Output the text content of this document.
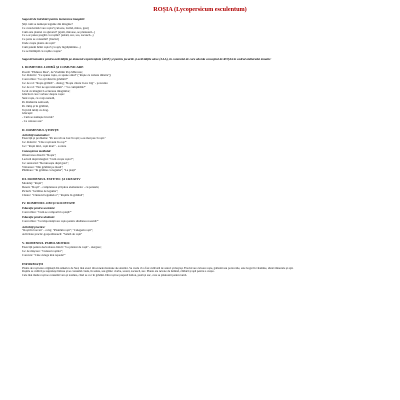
ROȘIA (Lycopersicum esculentum)
Sugestii de întrebări pentru lecturarea imaginii:
Știți cum se numește legume din imagine?
Ce caracteristici are roșia? (culoare, formă, miros, gust)
Cum este plantei cu ajutorul? (ajută, miroase, se plantează...)
Ce s-ar putea pregăti cu roșiile? (salată, suc, sos, zacuscă...)
Ce parte se consumă? (fructul)
Unde crește planta de roșii?
Cum putem hrăni roșia? (cu apă, îngrășăminte...)
Ce se întâmplă cu roșiile coapte?
Sugestii tematice pentru activitățile pe domenii experiențiale (ADE) și pentru jocurile și activitățile alese (ALA), în contextul de care aborda conceptul de ROȘIA în cadrul atelierului tematic:
I. DOMENIUL LIMBĂ ȘI COMUNICARE
Poezii: "Pădurea Mea", de Vladimir Pop Mărcean;
Joc didactic: "Ce spune roșia, ce spune omul" ("Roșie cu tomate dăruite");
Convorbire: "Ce ați văzut în grădină?"
Joc de rol: "Roșia grăbită" - dialog; "Roșia căreia îi era frig" - povestire
Joc de rol: "Noi ne aprovizionăm" / "Ce cumpărăm?"
Jocul cu imagini: Lecturarea imaginilor;
Ghicitori care vorbesc despre roșie:
Sunt roșie, cu coaja netedă,
Pe dinăuntru zemoasă,
Pe câmp și în grădină,
Toți mă iubiți cu drag.
Ghicești:
- Cum se numește fructul?
- Ce culoare are?
II. DOMENIUL ȘTIINȚE
Activități matematice:
Exerciții și probleme: "Pe un raft au fost 9 roșii; s-au mai pus 3 roșii."
Joc didactic: "Câte roșii sunt în coș?"
Joc: "Roșii mici, roșii mari" - sortare
Cunoașterea mediului:
Observarea directă: "Roșia";
Lectură după imagini: "Cum crește roșia?";
Joc senzorial: "Recunoaște după gust";
Vizionare: "Din grădină pe masă";
Plimbare: "În grădina cu legume"; "La piață"
III. DOMENIUL ESTETIC ȘI CREATIV
Modelaj: "Roșii";
Desen: "Roșii" - completarea și lipirea elementelor - cu pensula;
Pictură: "Grădina de legume";
Cântec: "Cântecul legumelor"; "Roșiile în grădină";
IV. DOMENIUL OM ȘI SOCIETATE
Educație pentru societate:
Convorbire: "Cum se comportă la piață?"
Educație pentru sănătate:
Convorbire: "Ce importanță are roșia pentru sănătatea noastră?"
Activități practice:
"Roșii în borcan" - colaj; "Plantăm roșii"; "Culegem roșii";
Activitate practic-gospodărească: "Salată de roșii"
V. DOMENIUL PSIHO-MOTRIC
Exerciții pentru dezvoltarea fizică: "La plantat de roșii" - alergare;
Joc de mișcare: "Culesul roșiilor";
Concurs: "Cine culege mai repede?"
INFORMAȚII

Planta de roșii este originară din America de Sud, mai exact din zonele montane ale Anzilor. Se crede că a fost cultivată de azteci și mayași. Fructul are culoare roșie, galbenă sau portocalie, este bogat în vitamine, săruri minerale și apă.

Roșiile se cultivă pe suprafețe întinse și se consumă crude, în salate, sau gătite: ciorbe, sosuri, zacuscă, suc. Planta are nevoie de lumină, căldură și apă pentru a crește.

Cele mai multe roșii se consumă vara și toamna, când se coc în grădini. Din roșii se prepară bulion, pastă și suc, care se păstrează pentru iarnă.
